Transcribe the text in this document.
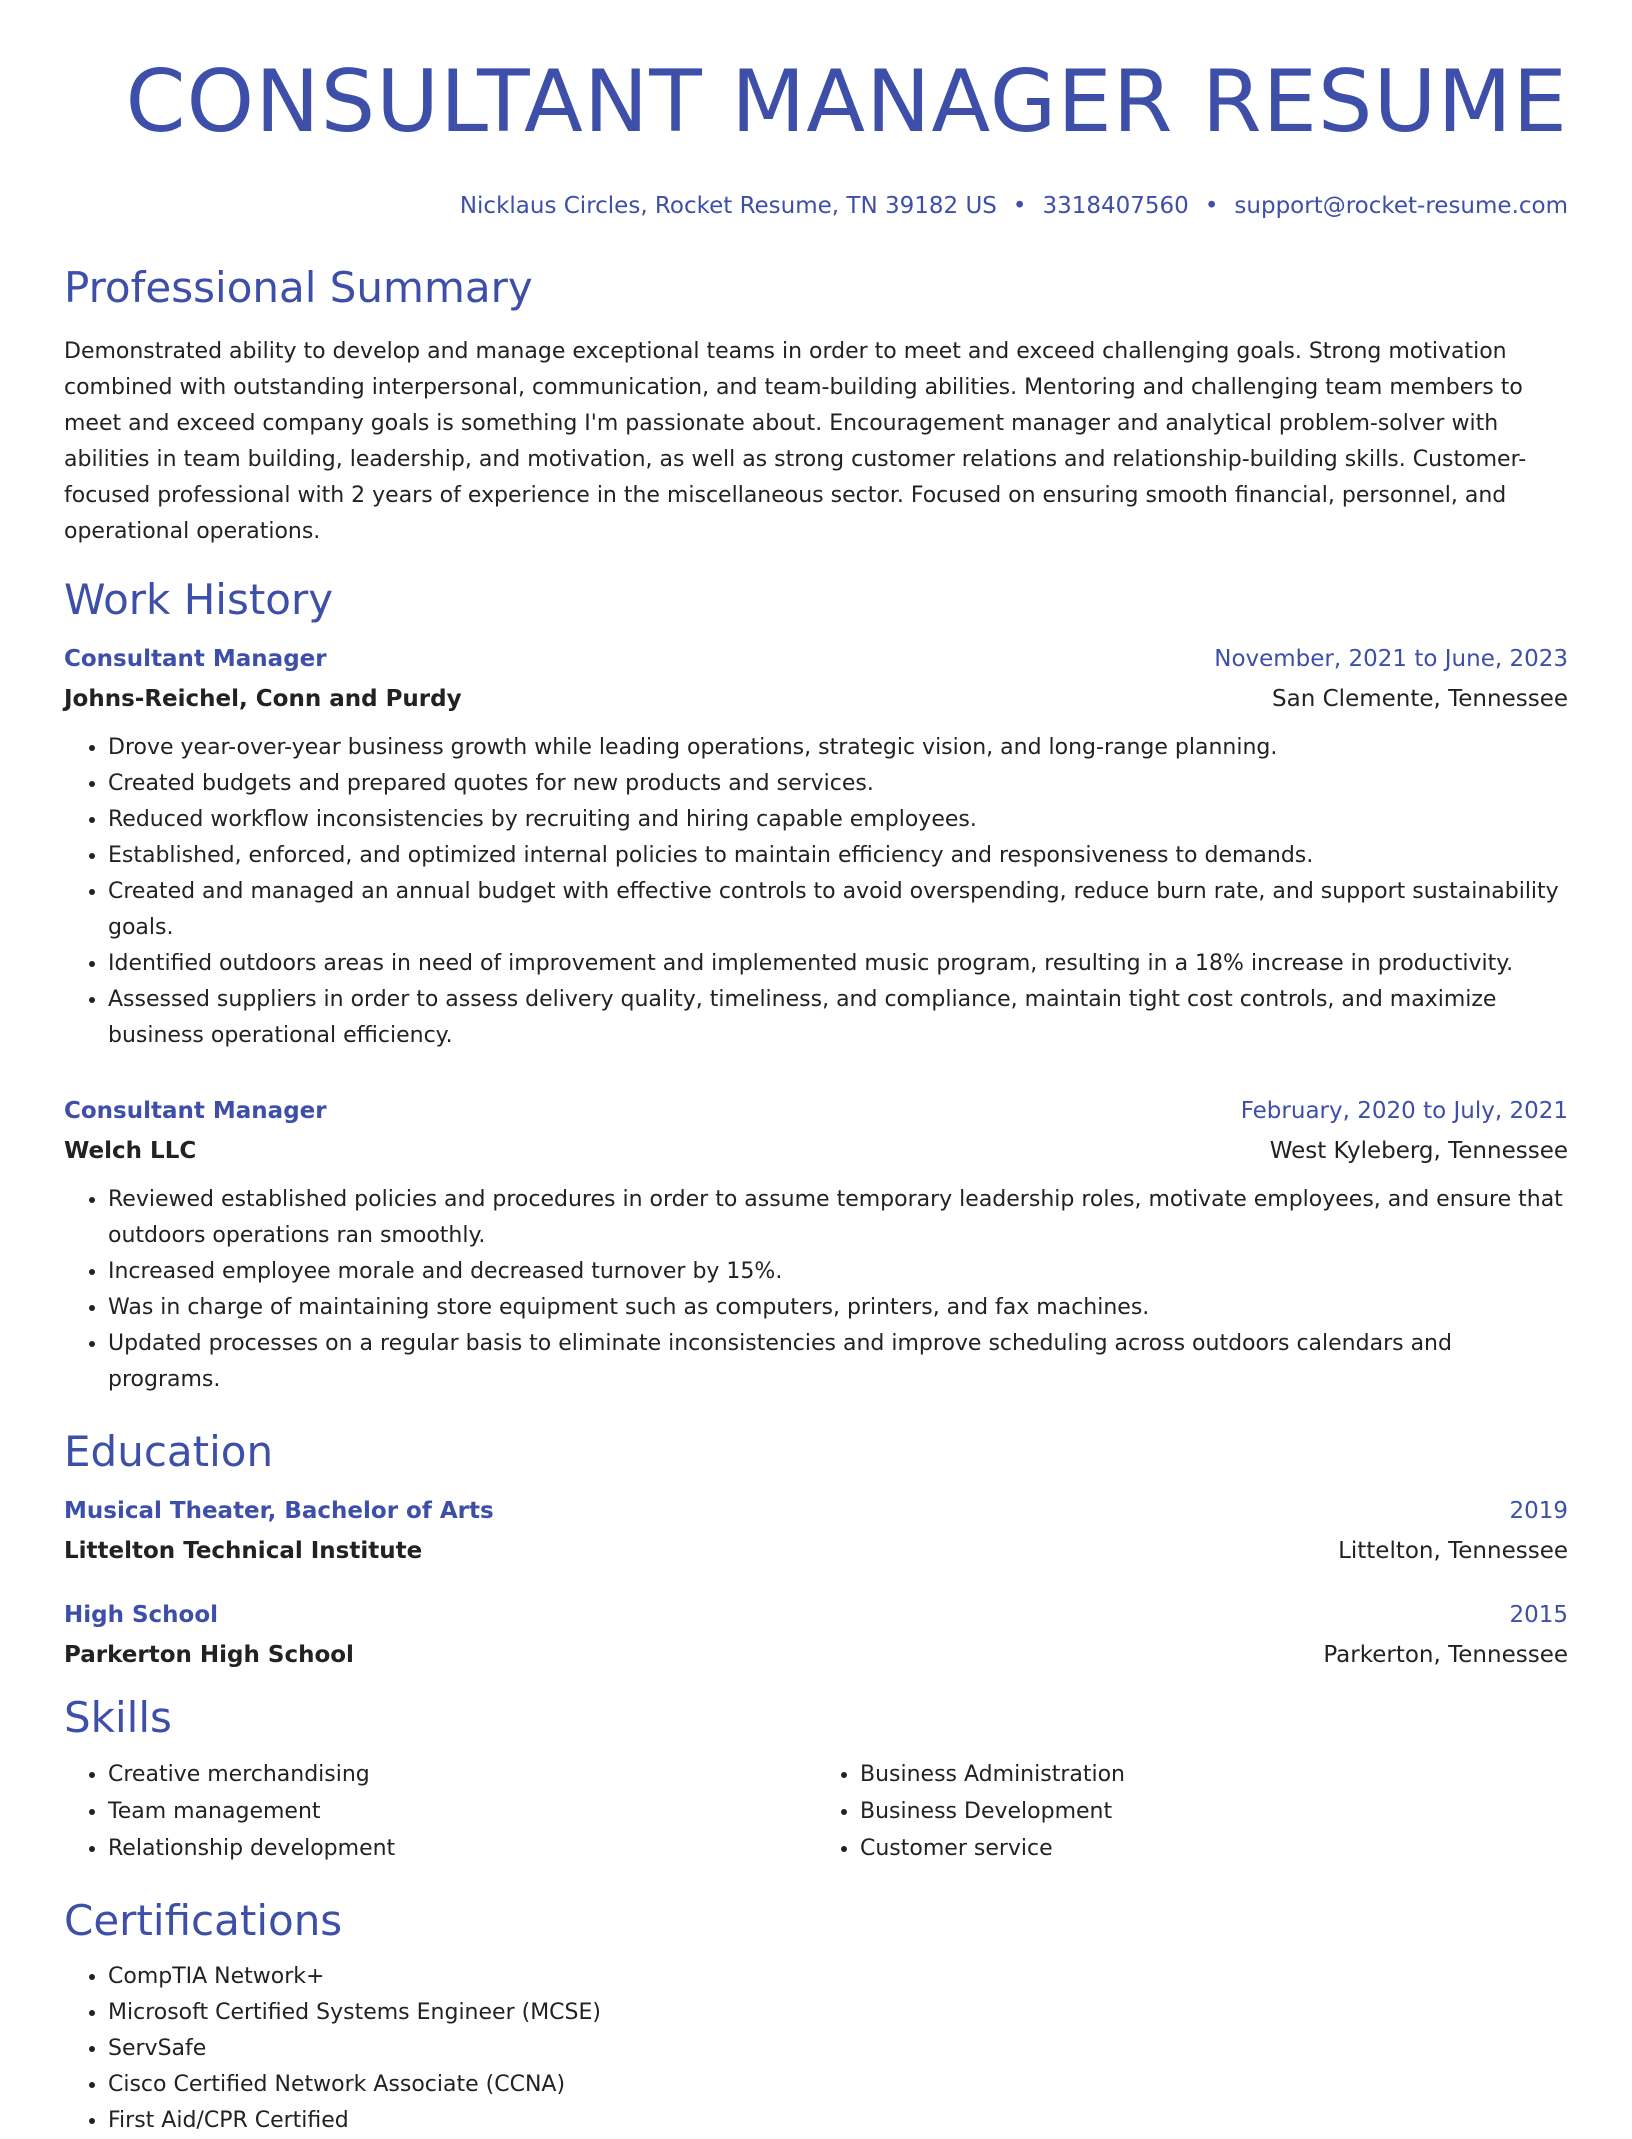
CONSULTANT MANAGER RESUME
Nicklaus Circles, Rocket Resume, TN 39182 US • 3318407560 • support@rocket-resume.com
Professional Summary

Demonstrated ability to develop and manage exceptional teams in order to meet and exceed challenging goals. Strong motivation combined with outstanding interpersonal, communication, and team-building abilities. Mentoring and challenging team members to meet and exceed company goals is something I'm passionate about. Encouragement manager and analytical problem-solver with abilities in team building, leadership, and motivation, as well as strong customer relations and relationship-building skills. Customer-focused professional with 2 years of experience in the miscellaneous sector. Focused on ensuring smooth financial, personnel, and operational operations.

Work History
Consultant Manager	November, 2021 to June, 2023
Johns-Reichel, Conn and Purdy	San Clemente, Tennessee
• Drove year-over-year business growth while leading operations, strategic vision, and long-range planning.
• Created budgets and prepared quotes for new products and services.
• Reduced workflow inconsistencies by recruiting and hiring capable employees.
• Established, enforced, and optimized internal policies to maintain efficiency and responsiveness to demands.
• Created and managed an annual budget with effective controls to avoid overspending, reduce burn rate, and support sustainability goals.
• Identified outdoors areas in need of improvement and implemented music program, resulting in a 18% increase in productivity.
• Assessed suppliers in order to assess delivery quality, timeliness, and compliance, maintain tight cost controls, and maximize business operational efficiency.
Consultant Manager	February, 2020 to July, 2021
Welch LLC	West Kyleberg, Tennessee
• Reviewed established policies and procedures in order to assume temporary leadership roles, motivate employees, and ensure that outdoors operations ran smoothly.
• Increased employee morale and decreased turnover by 15%.
• Was in charge of maintaining store equipment such as computers, printers, and fax machines.
• Updated processes on a regular basis to eliminate inconsistencies and improve scheduling across outdoors calendars and programs.
Education
Musical Theater, Bachelor of Arts	2019
Littelton Technical Institute	Littelton, Tennessee
High School	2015
Parkerton High School	Parkerton, Tennessee
Skills
• Creative merchandising
• Team management
• Relationship development
• Business Administration
• Business Development
• Customer service
Certifications
• CompTIA Network+
• Microsoft Certified Systems Engineer (MCSE)
• ServSafe
• Cisco Certified Network Associate (CCNA)
• First Aid/CPR Certified
